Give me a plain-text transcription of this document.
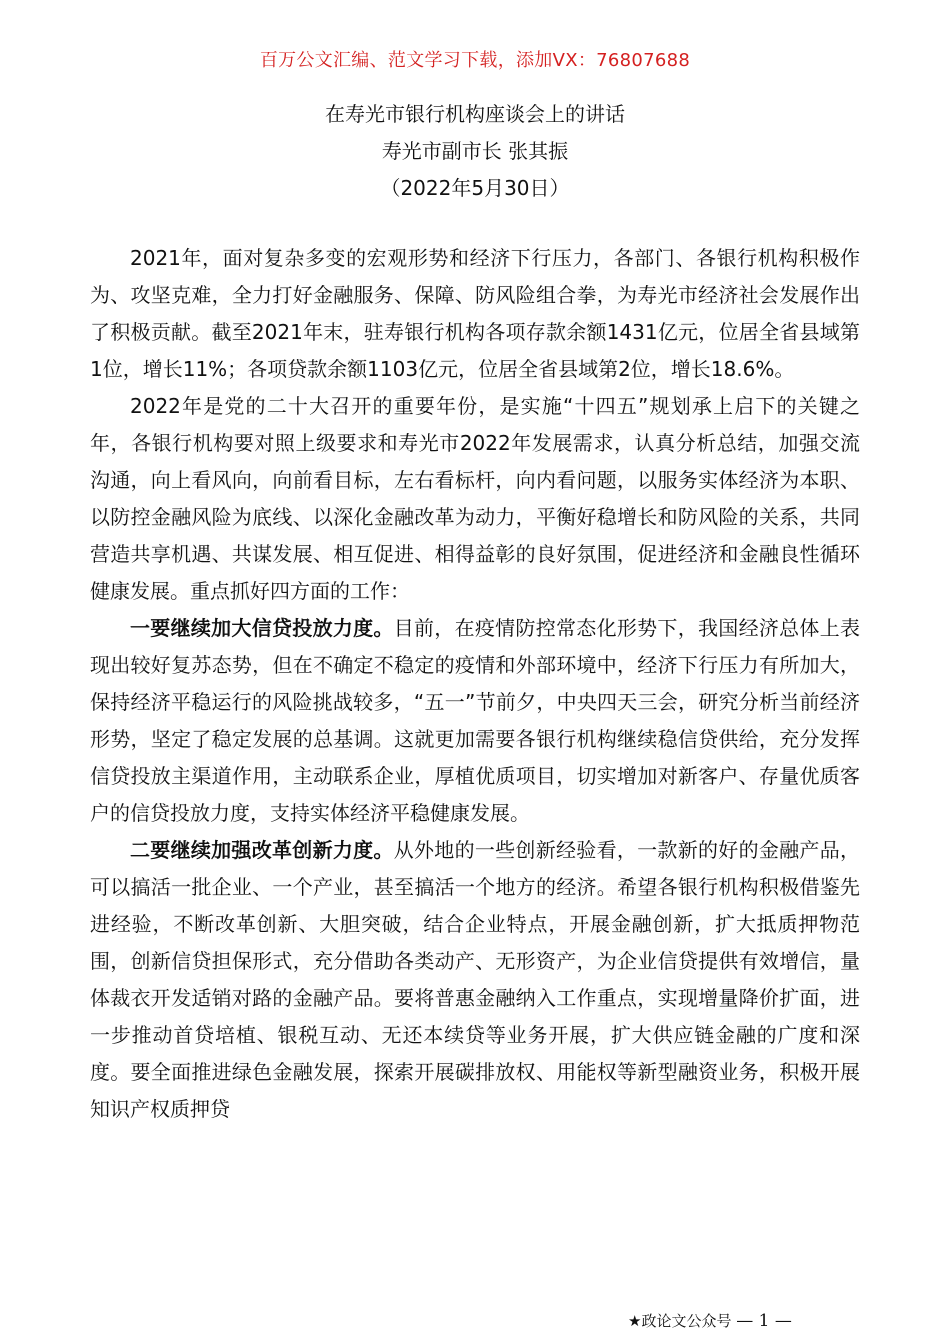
百万公文汇编、范文学习下载，添加VX：76807688
在寿光市银行机构座谈会上的讲话
寿光市副市长 张其振
（2022年5月30日）

2021年，面对复杂多变的宏观形势和经济下行压力，各部门、各银行机构积极作为、攻坚克难，全力打好金融服务、保障、防风险组合拳，为寿光市经济社会发展作出了积极贡献。截至2021年末，驻寿银行机构各项存款余额1431亿元，位居全省县域第1位，增长11%；各项贷款余额1103亿元，位居全省县域第2位，增长18.6%。

2022年是党的二十大召开的重要年份，是实施“十四五”规划承上启下的关键之年，各银行机构要对照上级要求和寿光市2022年发展需求，认真分析总结，加强交流沟通，向上看风向，向前看目标，左右看标杆，向内看问题，以服务实体经济为本职、以防控金融风险为底线、以深化金融改革为动力，平衡好稳增长和防风险的关系，共同营造共享机遇、共谋发展、相互促进、相得益彰的良好氛围，促进经济和金融良性循环健康发展。重点抓好四方面的工作：

一要继续加大信贷投放力度。目前，在疫情防控常态化形势下，我国经济总体上表现出较好复苏态势，但在不确定不稳定的疫情和外部环境中，经济下行压力有所加大，保持经济平稳运行的风险挑战较多，“五一”节前夕，中央四天三会，研究分析当前经济形势，坚定了稳定发展的总基调。这就更加需要各银行机构继续稳信贷供给，充分发挥信贷投放主渠道作用，主动联系企业，厚植优质项目，切实增加对新客户、存量优质客户的信贷投放力度，支持实体经济平稳健康发展。

二要继续加强改革创新力度。从外地的一些创新经验看，一款新的好的金融产品，可以搞活一批企业、一个产业，甚至搞活一个地方的经济。希望各银行机构积极借鉴先进经验，不断改革创新、大胆突破，结合企业特点，开展金融创新，扩大抵质押物范围，创新信贷担保形式，充分借助各类动产、无形资产，为企业信贷提供有效增信，量体裁衣开发适销对路的金融产品。要将普惠金融纳入工作重点，实现增量降价扩面，进一步推动首贷培植、银税互动、无还本续贷等业务开展，扩大供应链金融的广度和深度。要全面推进绿色金融发展，探索开展碳排放权、用能权等新型融资业务，积极开展知识产权质押贷

★政论文公众号 — 1 —
